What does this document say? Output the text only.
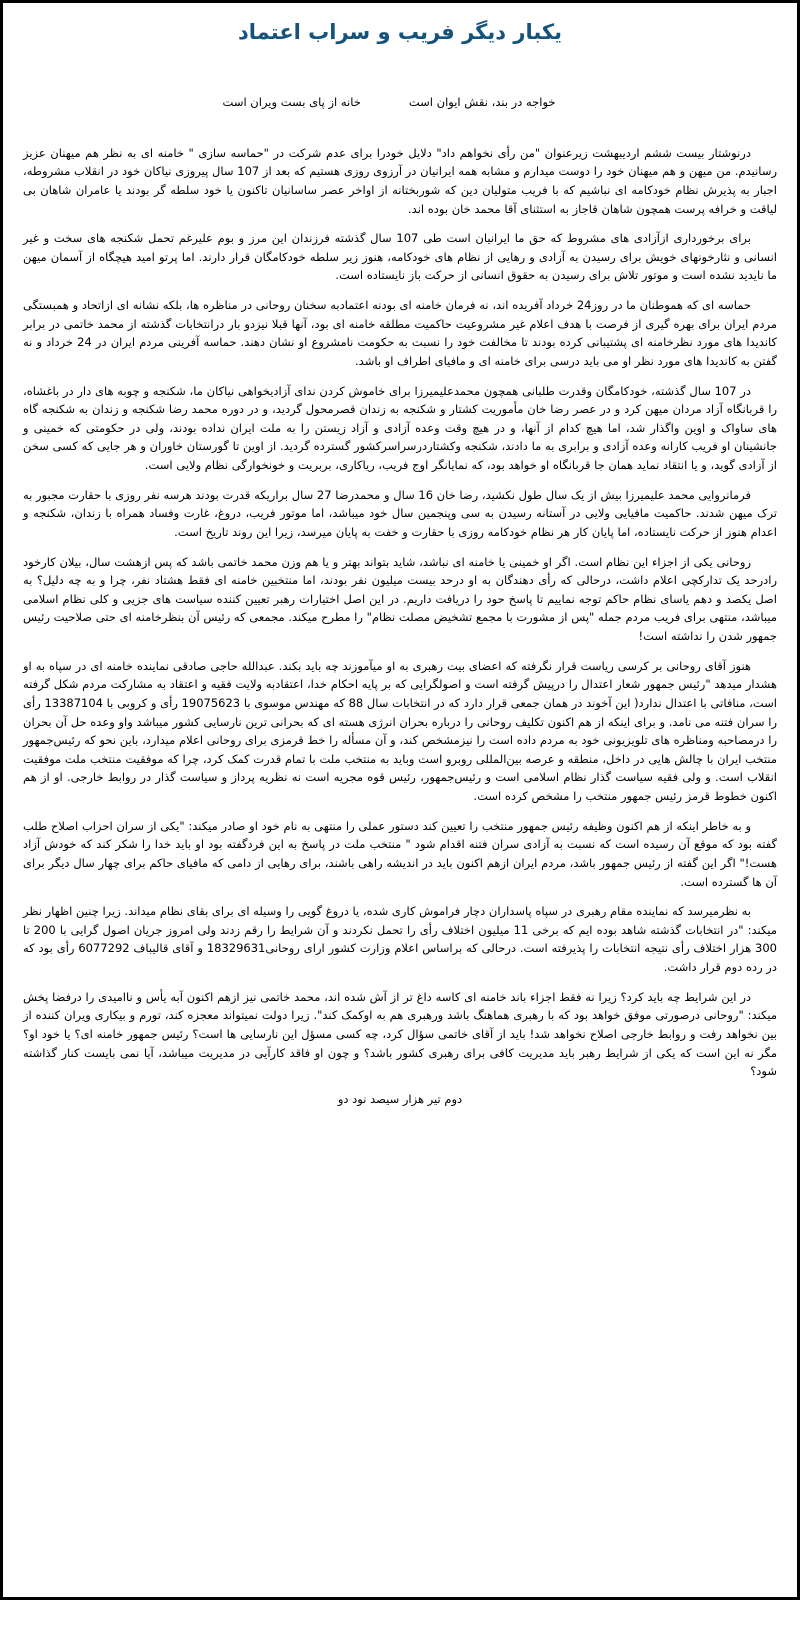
یکبار دیگر فریب و سراب اعتماد

خواجه در بند، نقش ایوان استخانه از پای بست ویران است

درنوشتار بیست ششم اردیبهشت زیرعنوان "من رأی نخواهم داد" دلایل خودرا برای عدم شرکت در "حماسه سازی " خامنه ای به نظر هم میهنان عزیز رسانیدم. من میهن و هم میهنان خود را دوست میدارم و مشابه همه ایرانیان در آرزوی روزی هستیم که بعد از 107 سال پیروزی نیاکان خود در انقلاب مشروطه، اجبار به پذیرش نظام خودکامه ای نباشیم که با فریب متولیان دین که شوربختانه از اواخر عصر ساسانیان تاکنون یا خود سلطه گر بودند یا عامران شاهان بی لیاقت و خرافه پرست همچون شاهان قاجاز به استثنای آقا محمد خان بوده اند.

برای برخورداری ازآزادی های مشروط که حق ما ایرانیان است طی 107 سال گذشته فرزندان این مرز و بوم علیرغم تحمل شکنجه های سخت و غیر انسانی و نثارخونهای خویش برای رسیدن به آزادی و رهایی از نظام های خودکامه، هنوز زیر سلطه خودکامگان قرار دارند. اما پرتو امید هیچگاه از آسمان میهن ما نایدید نشده است و موتور تلاش برای رسیدن به حقوق انسانی از حرکت باز نایستاده است.

حماسه ای که هموطنان ما در روز24 خرداد آفریده اند، نه فرمان خامنه ای بودنه اعتمادبه سخنان روحانی در مناظره ها، بلکه نشانه ای ازاتحاد و همبستگی مردم ایران برای بهره گیری از فرصت با هدف اعلام غیر مشروعیت حاکمیت مطلقه خامنه ای بود، آنها قبلا نیزدو بار درانتخابات گذشته از محمد خاتمی در برابر کاندیدا های مورد نظرخامنه ای پشتیبانی کرده بودند تا مخالفت خود را نسبت به حکومت نامشروع او نشان دهند. حماسه آفرینی مردم ایران در 24 خرداد و نه گفتن به کاندیدا های مورد نظر او می باید درسی برای خامنه ای و مافیای اطراف او باشد.

در 107 سال گذشته، خودکامگان وقدرت طلبانی همچون محمدعلیمیرزا برای خاموش کردن ندای آزادیخواهی نیاکان ما، شکنجه و چوبه های دار در باغشاه، را قربانگاه آزاد مردان میهن کرد و در عصر رضا خان مأموریت کشتار و شکنجه به زندان قصرمحول گردید، و در دوره محمد رضا شکنجه و زندان به شکنجه گاه های ساواک و اوین واگذار شد، اما هیچ کدام از آنها، و در هیچ وقت وعده آزادی و آزاد زیستن را به ملت ایران نداده بودند، ولی در حکومتی که خمینی و جانشینان او فریب کارانه وعده آزادی و برابری به ما دادند، شکنجه وکشتاردرسراسرکشور گسترده گردید. از اوین تا گورستان خاوران و هر جایی که کسی سخن از آزادی گوید، و یا انتقاد نماید همان جا قربانگاه او خواهد بود، که نمایانگر اوج فریب، ریاکاری، بربریت و خونخوارگی نظام ولایی است.

فرمانروایی محمد علیمیرزا بیش از یک سال طول نکشید، رضا خان 16 سال و محمدرضا 27 سال براریکه قدرت بودند هرسه نفر روزی با حقارت مجبور به ترک میهن شدند. حاکمیت مافیایی ولایی در آستانه رسیدن به سی وپنجمین سال خود میباشد، اما موتور فریب، دروغ، غارت وفساد همراه با زندان، شکنجه و اعدام هنوز از حرکت نایستاده، اما پایان کار هر نظام خودکامه روزی با حقارت و خفت به پایان میرسد، زیرا این روند تاریخ است.

روحانی یکی از اجزاء این نظام است. اگر او خمینی یا خامنه ای نباشد، شاید بتواند بهتر و یا هم وزن محمد خاتمی باشد که پس ازهشت سال، بیلان کارخود رادرحد یک تدارکچی اعلام داشت، درحالی که رأی دهندگان به او درحد بیست میلیون نفر بودند، اما منتخبین خامنه ای فقط هشتاد نفر، چرا و به چه دلیل؟ به اصل یکصد و دهم یاسای نظام حاکم توجه نماییم تا پاسخ حود را دریافت داریم. در این اصل اختیارات رهبر تعیین کننده سیاست های جزیی و کلی نظام اسلامی میباشد، منتهی برای فریب مردم جمله "پس از مشورت با مجمع تشخیض مصلت نظام" را مطرح میکند. مجمعی که رئیس آن بنظرخامنه ای حتی صلاحیت رئیس جمهور شدن را نداشته است!

هنوز آقای روحانی بر کرسی ریاست قرار نگرفته که اعضای بیت رهبری به او میآموزند چه باید بکند. عبدالله حاجی صادقی نماینده خامنه ای در سپاه به او هشدار میدهد "رئیس جمهور شعار اعتدال را درپیش گرفته است و اصولگرایی که بر پایه احکام خدا، اعتقادبه ولایت فقیه و اعتقاد به مشارکت مردم شکل گرفته است، منافاتی با اعتدال ندارد( این آخوند در همان جمعی قرار دارد که در انتخابات سال 88 که مهندس موسوی با 19075623 رأی و کروبی با 13387104 رأی را سران فتنه می نامد. و برای اینکه از هم اکنون تکلیف روحانی را درباره بحران انرژی هسته ای که بحرانی ترین نارسایی کشور میباشد واو وعده حل آن بحران را درمصاحبه ومناظره های تلویزیونی خود به مردم داده است را نیزمشخص کند، و آن مسأله را خط قرمزی برای روحانی اعلام میدارد، باین نحو که رئیس‌جمهور منتخب ایران با چالش هایی در داخل، منطقه و عرصه بین‌المللی روبرو است وباید به منتخب ملت با تمام قدرت کمک کرد، چرا که موفقیت منتخب ملت موفقیت انقلاب است. و ولی فقیه سیاست گذار نظام اسلامی است و رئیس‌جمهور، رئیس قوه مجریه است نه نظریه پرداز و سیاست گذار در روابط خارجی. او از هم اکنون خطوط قرمز رئیس جمهور منتخب را مشخص کرده است.

و به خاطر اینکه از هم اکنون وظیفه رئیس جمهور منتخب را تعیین کند دستور عملی را منتهی به نام خود او صادر میکند: "یکی از سران احزاب اصلاح طلب گفته بود که موقع آن رسیده است که نسبت به آزادی سران فتنه اقدام شود " منتخب ملت در پاسخ به این فردگفته بود او باید خدا را شکر کند که خودش آزاد هست!" اگر این گفته از رئیس جمهور باشد، مردم ایران ازهم اکنون باید در اندیشه راهی باشند، برای رهایی از دامی که مافیای حاکم برای چهار سال دیگر برای آن ها گسترده است.

به نظرمیرسد که نماینده مقام رهبری در سپاه پاسداران دچار فراموش کاری شده، یا دروغ گویی را وسیله ای برای بقای نظام میداند. زیرا چنین اظهار نظر میکند: "در انتخابات گذشته شاهد بوده ایم که برخی 11 میلیون اختلاف رأی را تحمل نکردند و آن شرایط را رقم زدند ولی امروز جریان اصول گرایی با 200 تا 300 هزار اختلاف رأی نتیجه انتخابات را پذیرفته است. درحالی که براساس اعلام وزارت کشور ارای روحانی18329631 و آقای قالیباف 6077292 رأی بود که در رده دوم قرار داشت.

در این شرایط چه باید کرد؟ زیرا نه فقط اجزاء باند خامنه ای کاسه داغ تر از آش شده اند، محمد خاتمی نیز ازهم اکنون آبه یأس و ناامیدی را درفضا پخش میکند: "روحانی درصورتی موفق خواهد بود که با رهبری هماهنگ باشد ورهبری هم به اوکمک کند". زیرا دولت نمیتواند معجزه کند، تورم و بیکاری ویران کننده از بین نخواهد رفت و روابط خارجی اصلاح نخواهد شد! باید از آقای خاتمی سؤال کرد، چه کسی مسؤل این نارسایی ها است؟ رئیس جمهور خامنه ای؟ یا خود او؟ مگر نه این است که یکی از شرایط رهبر باید مدیریت کافی برای رهبری کشور باشد؟ و چون او فاقد کارآیی در مدیریت میباشد، آیا نمی بایست کنار گذاشته شود؟

دوم تیر هزار سیصد نود دو
